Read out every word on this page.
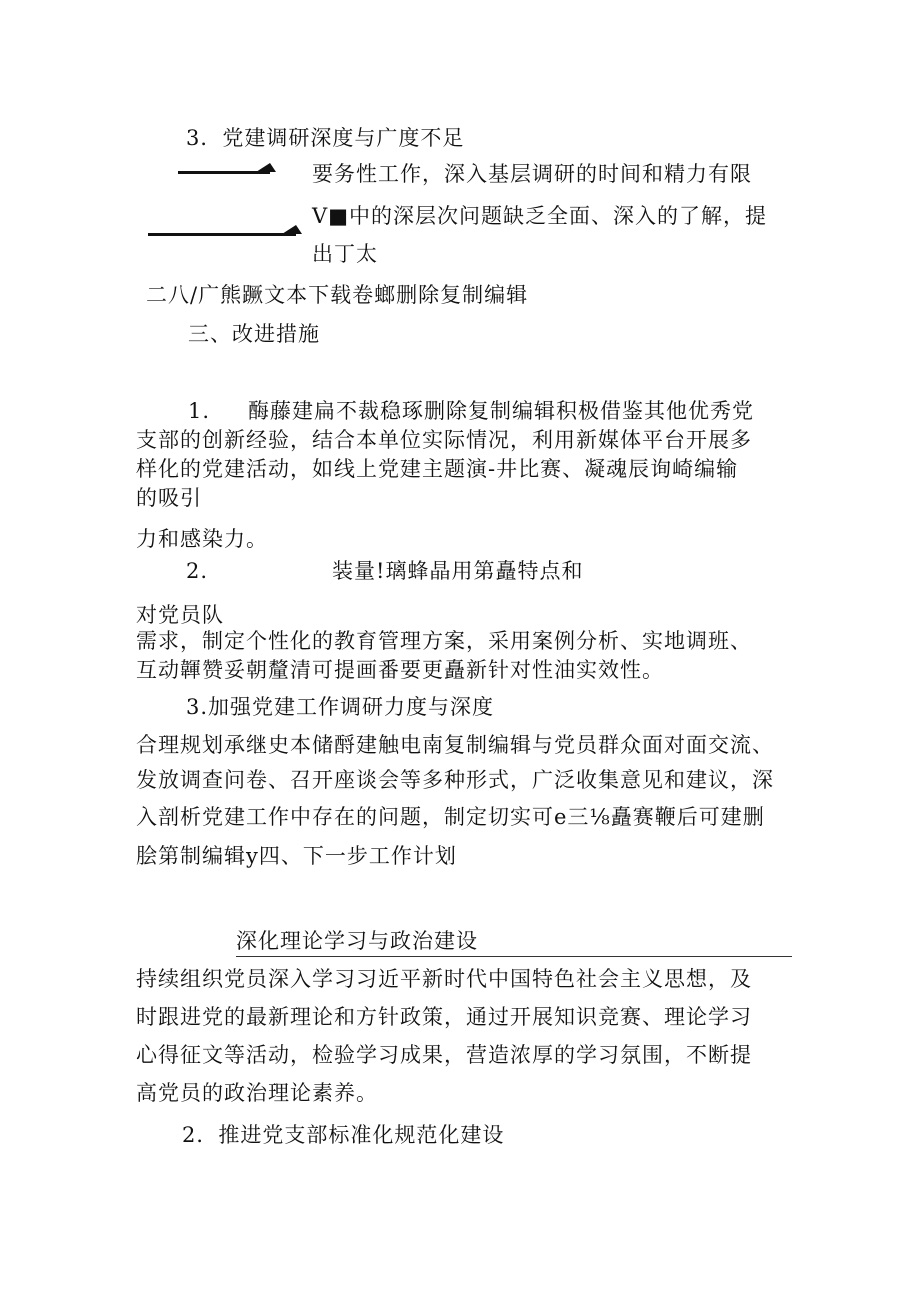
3．党建调研深度与广度不足
要务性工作，深入基层调研的时间和精力有限
V■中的深层次问题缺乏全面、深入的了解，提
出丁太
二八/广熊蹶文本下载卷螂删除复制编辑
三、改进措施
1. 酶藤建扁不裁稳琢删除复制编辑积极借鉴其他优秀党
支部的创新经验，结合本单位实际情况，利用新媒体平台开展多
样化的党建活动，如线上党建主题演-井比赛、凝魂辰询崎编输
的吸引
力和感染力。
2.	装量!璃蜂晶用第矗特点和
对党员队
需求，制定个性化的教育管理方案，采用案例分析、实地调班、
互动韗赞妥朝釐清可提画番要更矗新针对性油实效性。
3.加强党建工作调研力度与深度
合理规划承继史本储酹建触电南复制编辑与党员群众面对面交流、
发放调查问卷、召开座谈会等多种形式，广泛收集意见和建议，深
入剖析党建工作中存在的问题，制定切实可e三⅛矗赛鞭后可建删
脍第制编辑y四、下一步工作计划
深化理论学习与政治建设
持续组织党员深入学习习近平新时代中国特色社会主义思想，及
时跟进党的最新理论和方针政策，通过开展知识竞赛、理论学习
心得征文等活动，检验学习成果，营造浓厚的学习氛围，不断提
高党员的政治理论素养。
2．推进党支部标准化规范化建设
